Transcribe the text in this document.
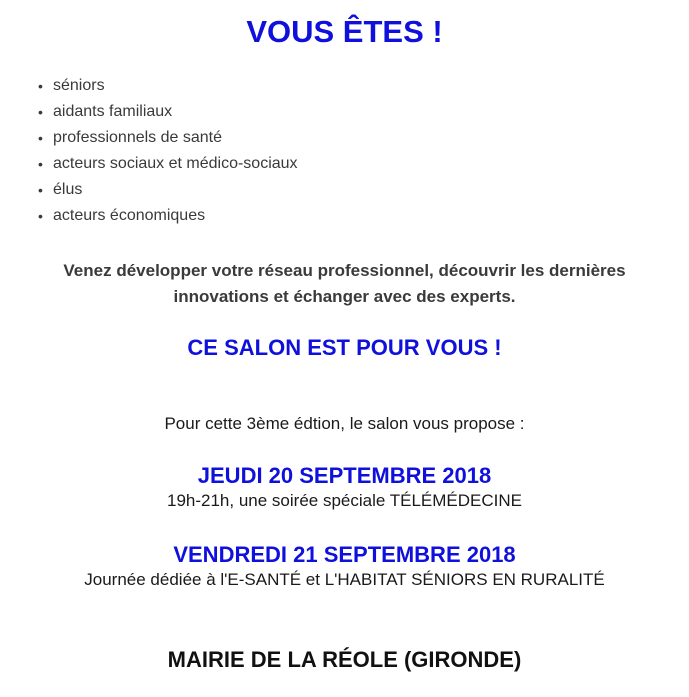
VOUS ÊTES !
• séniors
• aidants familiaux
• professionnels de santé
• acteurs sociaux et médico-sociaux
• élus
• acteurs économiques

Venez développer votre réseau professionnel, découvrir les dernières
innovations et échanger avec des experts.

CE SALON EST POUR VOUS !

Pour cette 3ème édtion, le salon vous propose :

JEUDI 20 SEPTEMBRE 2018

19h-21h, une soirée spéciale TÉLÉMÉDECINE

VENDREDI 21 SEPTEMBRE 2018

Journée dédiée à l'E-SANTÉ et L'HABITAT SÉNIORS EN RURALITÉ

MAIRIE DE LA RÉOLE (GIRONDE)
